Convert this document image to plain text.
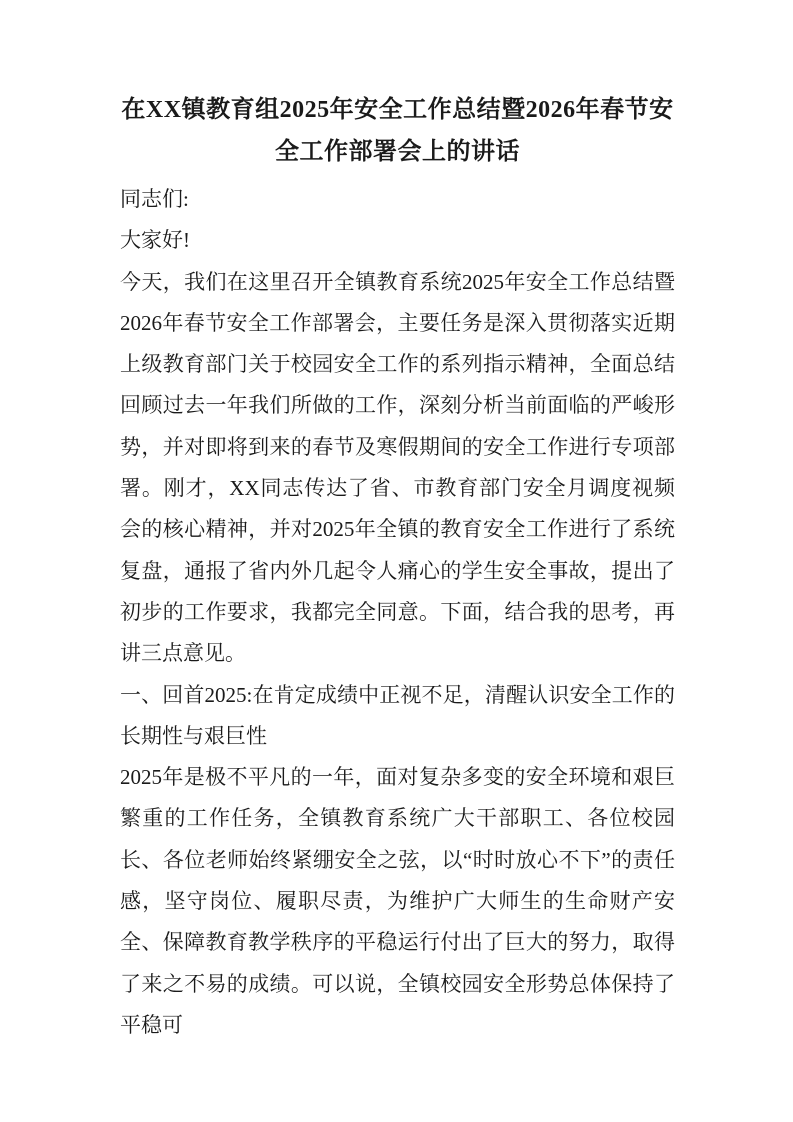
在XX镇教育组2025年安全工作总结暨2026年春节安全工作部署会上的讲话

同志们:

大家好!

今天，我们在这里召开全镇教育系统2025年安全工作总结暨2026年春节安全工作部署会，主要任务是深入贯彻落实近期上级教育部门关于校园安全工作的系列指示精神，全面总结回顾过去一年我们所做的工作，深刻分析当前面临的严峻形势，并对即将到来的春节及寒假期间的安全工作进行专项部署。刚才，XX同志传达了省、市教育部门安全月调度视频会的核心精神，并对2025年全镇的教育安全工作进行了系统复盘，通报了省内外几起令人痛心的学生安全事故，提出了初步的工作要求，我都完全同意。下面，结合我的思考，再讲三点意见。

一、回首2025:在肯定成绩中正视不足，清醒认识安全工作的长期性与艰巨性

2025年是极不平凡的一年，面对复杂多变的安全环境和艰巨繁重的工作任务，全镇教育系统广大干部职工、各位校园长、各位老师始终紧绷安全之弦，以“时时放心不下”的责任感，坚守岗位、履职尽责，为维护广大师生的生命财产安全、保障教育教学秩序的平稳运行付出了巨大的努力，取得了来之不易的成绩。可以说，全镇校园安全形势总体保持了平稳可
